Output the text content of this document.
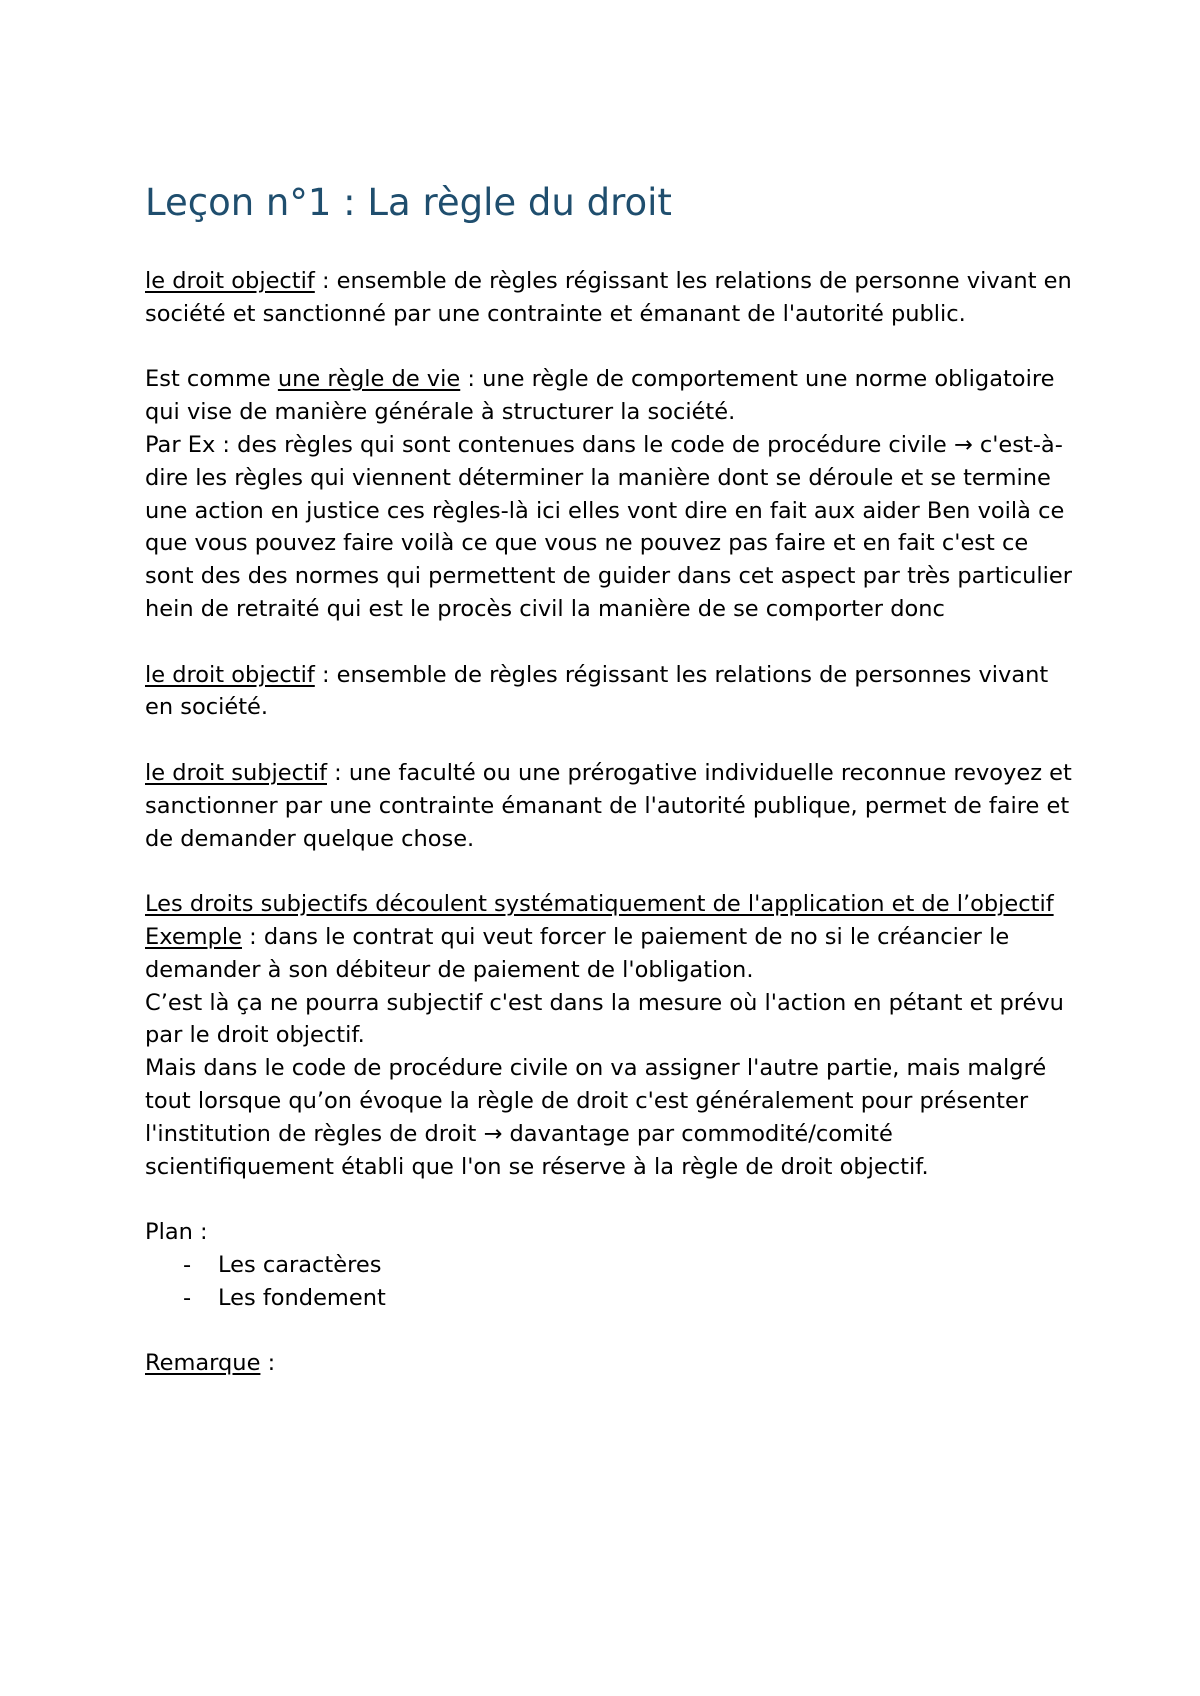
Leçon n°1 : La règle du droit

le droit objectif : ensemble de règles régissant les relations de personne vivant en société et sanctionné par une contrainte et émanant de l'autorité public.

Est comme une règle de vie : une règle de comportement une norme obligatoire qui vise de manière générale à structurer la société.

Par Ex : des règles qui sont contenues dans le code de procédure civile → c'est-à-dire les règles qui viennent déterminer la manière dont se déroule et se termine une action en justice ces règles-là ici elles vont dire en fait aux aider Ben voilà ce que vous pouvez faire voilà ce que vous ne pouvez pas faire et en fait c'est ce sont des des normes qui permettent de guider dans cet aspect par très particulier hein de retraité qui est le procès civil la manière de se comporter donc

le droit objectif : ensemble de règles régissant les relations de personnes vivant en société.

le droit subjectif : une faculté ou une prérogative individuelle reconnue revoyez et sanctionner par une contrainte émanant de l'autorité publique, permet de faire et de demander quelque chose.

Les droits subjectifs découlent systématiquement de l'application et de l’objectif

Exemple : dans le contrat qui veut forcer le paiement de no si le créancier le demander à son débiteur de paiement de l'obligation.

C’est là ça ne pourra subjectif c'est dans la mesure où l'action en pétant et prévu par le droit objectif.

Mais dans le code de procédure civile on va assigner l'autre partie, mais malgré tout lorsque qu’on évoque la règle de droit c'est généralement pour présenter l'institution de règles de droit → davantage par commodité/comité scientifiquement établi que l'on se réserve à la règle de droit objectif.

Plan :

- Les caractères
- Les fondement

Remarque :
